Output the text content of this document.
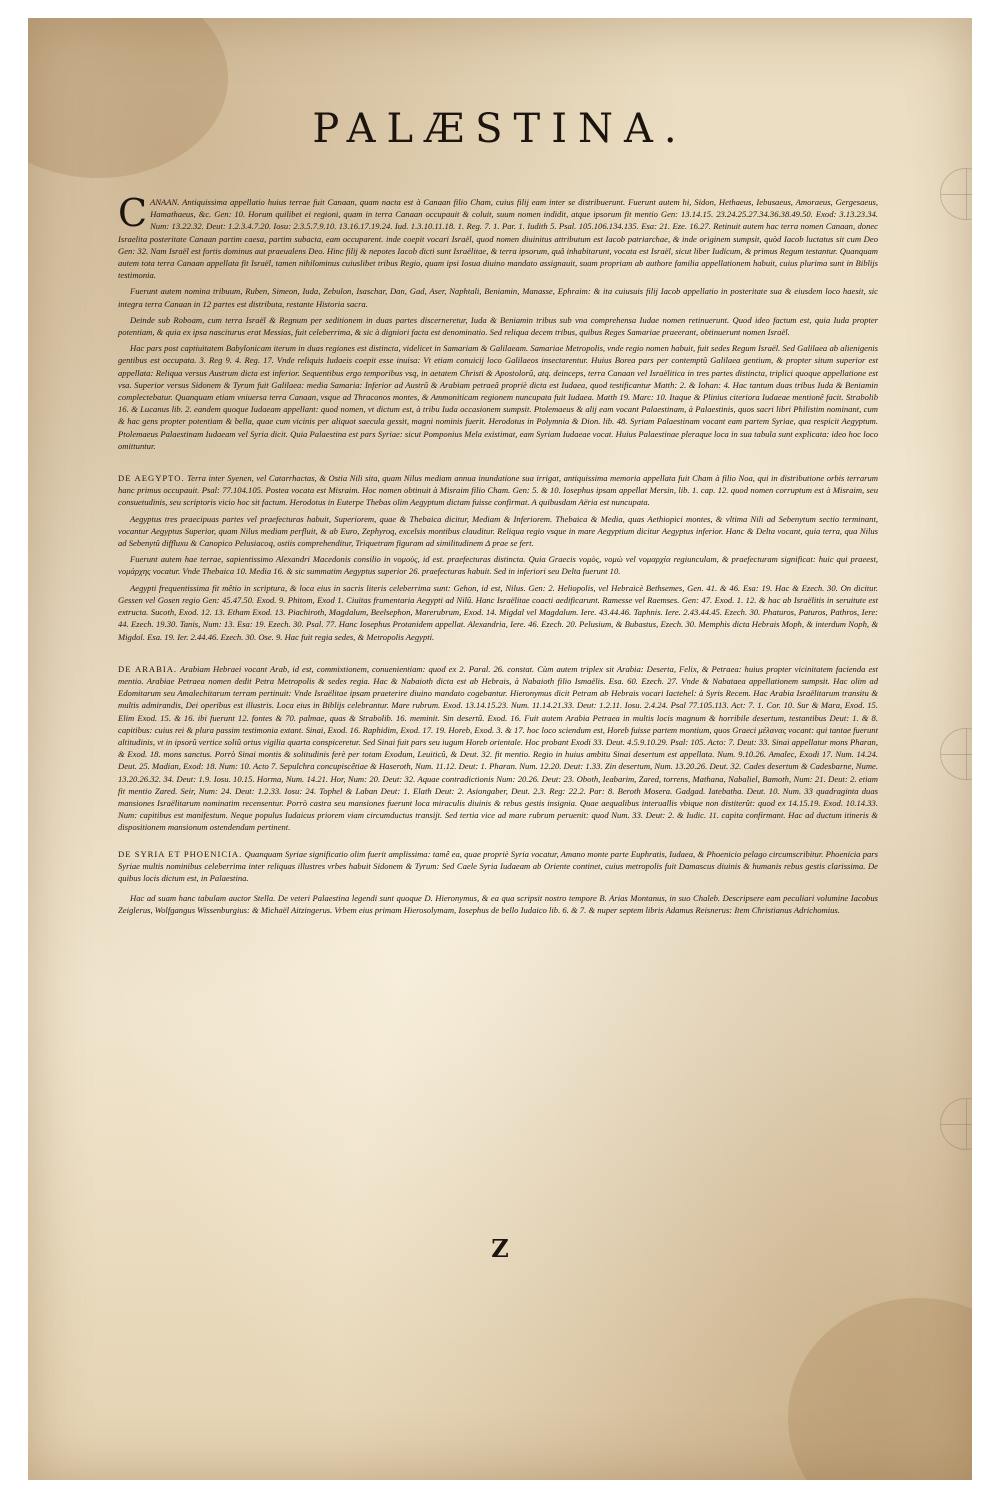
PALÆSTINA.
C ANAAN. Antiquissima appellatio huius terrae fuit Canaan, quam nacta est à Canaan filio Cham, cuius filij eam inter se distribuerunt. Fuerunt autem hi, Sidon, Hethaeus, Iebusaeus, Amoraeus, Gergesaeus, Hamathaeus, &c. Gen: 10. Horum quilibet ei regioni, quam in terra Canaan occupauit & coluit, suum nomen indidit, atque ipsorum fit mentio Gen: 13.14.15. 23.24.25.27.34.36.38.49.50. Exod: 3.13.23.34. Num: 13.22.32. Deut: 1.2.3.4.7.20. Iosu: 2.3.5.7.9.10. 13.16.17.19.24. Iud. 1.3.10.11.18. 1. Reg. 7. 1. Par. 1. Iudith 5. Psal. 105.106.134.135. Esa: 21. Eze. 16.27. Retinuit autem hac terra nomen Canaan, donec Israelita posteritate Canaan partim caesa, partim subacta, eam occuparent. inde coepit vocari Israël, quod nomen diuinitus attributum est Iacob patriarchae, & inde originem sumpsit, quòd Iacob luctatus sit cum Deo Gen: 32. Nam Israël est fortis dominus aut praeualens Deo. Hinc filij & nepotes Iacob dicti sunt Israëlitae, & terra ipsorum, quâ inhabitarunt, vocata est Israël, sicut liber Iudicum, & primus Regum testantur. Quanquam autem tota terra Canaan appellata fit Israël, tamen nihilominus cuiuslibet tribus Regio, quam ipsi Iosua diuino mandato assignauit, suam propriam ab authore familia appellationem habuit, cuius plurima sunt in Biblijs testimonia.

Fuerunt autem nomina tribuum, Ruben, Simeon, Iuda, Zebulon, Isaschar, Dan, Gad, Aser, Naphtali, Beniamin, Manasse, Ephraim: & ita cuiusuis filij Iacob appellatio in posteritate sua & eiusdem loco haesit, sic integra terra Canaan in 12 partes est distributa, restante Historia sacra.

Deinde sub Roboam, cum terra Israël & Regnum per seditionem in duas partes discerneretur, Iuda & Beniamin tribus sub vna comprehensa Iudae nomen retinuerunt. Quod ideo factum est, quia Iuda propter potentiam, & quia ex ipsa nasciturus erat Messias, fuit celeberrima, & sic à digniori facta est denominatio. Sed reliqua decem tribus, quibus Reges Samariae praeerant, obtinuerunt nomen Israël.

Hac pars post captiuitatem Babylonicam iterum in duas regiones est distincta, videlicet in Samariam & Galilaeam. Samariae Metropolis, vnde regio nomen habuit, fuit sedes Regum Israël. Sed Galilaea ab alienigenis gentibus est occupata. 3. Reg 9. 4. Reg. 17. Vnde reliquis Iudaeis coepit esse inuisa: Vt etiam conuicij loco Galilaeos insectarentur. Huius Borea pars per contemptû Galilaea gentium, & propter situm superior est appellata: Reliqua versus Austrum dicta est inferior. Sequentibus ergo temporibus vsq, in aetatem Christi & Apostolorû, atq. deinceps, terra Canaan vel Israëlitica in tres partes distincta, triplici quoque appellatione est vsa. Superior versus Sidonem & Tyrum fuit Galilaea: media Samaria: Inferior ad Austrû & Arabiam petraeâ propriè dicta est Iudaea, quod testificantur Matth: 2. & Iohan: 4. Hac tantum duas tribus Iuda & Beniamin complectebatur. Quanquam etiam vniuersa terra Canaan, vsque ad Thraconos montes, & Ammoniticam regionem nuncupata fuit Iudaea. Matth 19. Marc: 10. Itaque & Plinius citeriora Iudaeae mentionê facit. Strabolib 16. & Lucanus lib. 2. eandem quoque Iudaeam appellant: quod nomen, vt dictum est, à tribu Iuda occasionem sumpsit. Ptolemaeus & alij eam vocant Palaestinam, à Palaestinis, quos sacri libri Philistim nominant, cum & hac gens propter potentiam & bella, quae cum vicinis per aliquot saecula gessit, magni nominis fuerit. Herodotus in Polymnia & Dion. lib. 48. Syriam Palaestinam vocant eam partem Syriae, qua respicit Aegyptum. Ptolemaeus Palaestinam Iudaeam vel Syria dicit. Quia Palaestina est pars Syriae: sicut Pomponius Mela existimat, eam Syriam Iudaeae vocat. Huius Palaestinae pleraque loca in sua tabula sunt explicata: ideo hoc loco omittuntur.

DE AEGYPTO. Terra inter Syenen, vel Catarrhactas, & Ostia Nili sita, quam Nilus mediam annua inundatione sua irrigat, antiquissima memoria appellata fuit Cham à filio Noa, qui in distributione orbis terrarum hanc primus occupauit. Psal: 77.104.105. Postea vocata est Misraim. Hoc nomen obtinuit à Misraim filio Cham. Gen: 5. & 10. Iosephus ipsam appellat Mersin, lib. 1. cap. 12. quod nomen corruptum est à Misraim, seu consuetudinis, seu scriptoris vicio hoc sit factum. Herodotus in Euterpe Thebas olim Aegyptum dictam fuisse confirmat. A quibusdam Aëria est nuncupata.

Aegyptus tres praecipuas partes vel praefecturas habuit, Superiorem, quae & Thebaica dicitur, Mediam & Inferiorem. Thebaica & Media, quas Aethiopici montes, & vltima Nili ad Sebenytum sectio terminant, vocantur Aegyptus Superior, quam Nilus mediam perfluit, & ab Euro, Zephyroq, excelsis montibus clauditur. Reliqua regio vsque in mare Aegyptium dicitur Aegyptus inferior. Hanc & Delta vocant, quia terra, qua Nilus ad Sebenytû diffluxu & Canopico Pelusiacoq, ostiis comprehenditur, Triquetram figuram ad similitudinem Δ prae se fert.

Fuerunt autem hae terrae, sapientissimo Alexandri Macedonis consilio in νομοὺς, id est. praefecturas distincta. Quia Graecis νομὸς, νομὼ vel νομαρχία regiunculam, & praefecturam significat: huic qui praeest, νομάρχης vocatur. Vnde Thebaica 10. Media 16. & sic summatim Aegyptus superior 26. praefecturas habuit. Sed in inferiori seu Delta fuerunt 10.

Aegypti frequentissima fit mêtio in scriptura, & loca eius in sacris literis celeberrima sunt: Gehon, id est, Nilus. Gen: 2. Heliopolis, vel Hebraicè Bethsemes, Gen. 41. & 46. Esa: 19. Hac & Ezech. 30. On dicitur. Gessen vel Gosen regio Gen: 45.47.50. Exod. 9. Phitom, Exod 1. Ciuitas frumentaria Aegypti ad Nilû. Hanc Israëlitae coacti aedificarunt. Ramesse vel Raemses. Gen: 47. Exod. 1. 12. & hac ab Israëlitis in seruitute est extructa. Sucoth, Exod. 12. 13. Etham Exod. 13. Piachiroth, Magdalum, Beelsephon, Marerubrum, Exod. 14. Migdal vel Magdalum. Iere. 43.44.46. Taphnis. Iere. 2.43.44.45. Ezech. 30. Phaturos, Paturos, Pathros, Iere: 44. Ezech. 19.30. Tanis, Num: 13. Esa: 19. Ezech. 30. Psal. 77. Hanc Iosephus Protanidem appellat. Alexandria, Iere. 46. Ezech. 20. Pelusium, & Bubastus, Ezech. 30. Memphis dicta Hebrais Moph, & interdum Noph, & Migdol. Esa. 19. Ier. 2.44.46. Ezech. 30. Ose. 9. Hac fuit regia sedes, & Metropolis Aegypti.

DE ARABIA. Arabiam Hebraei vocant Arab, id est, commixtionem, conuenientiam: quod ex 2. Paral. 26. constat. Cùm autem triplex sit Arabia: Deserta, Felix, & Petraea: huius propter vicinitatem facienda est mentio. Arabiae Petraea nomen dedit Petra Metropolis & sedes regia. Hac & Nabaioth dicta est ab Hebrais, à Nabaioth filio Ismaëlis. Esa. 60. Ezech. 27. Vnde & Nabataea appellationem sumpsit. Hac olim ad Edomitarum seu Amalechitarum terram pertinuit: Vnde Israëlitae ipsam praeterire diuino mandato cogebantur. Hieronymus dicit Petram ab Hebrais vocari Iactehel: à Syris Recem. Hac Arabia Israëlitarum transitu & multis admirandis, Dei operibus est illustris. Loca eius in Biblijs celebrantur. Mare rubrum. Exod. 13.14.15.23. Num. 11.14.21.33. Deut: 1.2.11. Iosu. 2.4.24. Psal 77.105.113. Act: 7. 1. Cor. 10. Sur & Mara, Exod. 15. Elim Exod. 15. & 16. ibi fuerunt 12. fontes & 70. palmae, quas & Strabolib. 16. meminit. Sin desertû. Exod. 16. Fuit autem Arabia Petraea in multis locis magnum & horribile desertum, testantibus Deut: 1. & 8. capitibus: cuius rei & plura passim testimonia extant. Sinai, Exod. 16. Raphidim, Exod. 17. 19. Horeb, Exod. 3. & 17. hoc loco sciendum est, Horeb fuisse partem montium, quos Graeci μέλανας vocant: qui tantae fuerunt altitudinis, vt in ipsorû vertice soliû ortus vigilia quarta conspiceretur. Sed Sinai fuit pars seu iugum Horeb orientale. Hoc probant Exodi 33. Deut. 4.5.9.10.29. Psal: 105. Acto: 7. Deut: 33. Sinai appellatur mons Pharan, & Exod. 18. mons sanctus. Porrò Sinai montis & solitudinis ferè per totam Exodum, Leuiticû, & Deut. 32. fit mentio. Regio in huius ambitu Sinai desertum est appellata. Num. 9.10.26. Amalec, Exodi 17. Num. 14.24. Deut. 25. Madian, Exod: 18. Num: 10. Acto 7. Sepulchra concupiscêtiae & Haseroth, Num. 11.12. Deut: 1. Pharan. Num. 12.20. Deut: 1.33. Zin desertum, Num. 13.20.26. Deut. 32. Cades desertum & Cadesbarne, Nume. 13.20.26.32. 34. Deut: 1.9. Iosu. 10.15. Horma, Num. 14.21. Hor, Num: 20. Deut: 32. Aquae contradictionis Num: 20.26. Deut: 23. Oboth, Ieabarim, Zared, torrens, Mathana, Nabaliel, Bamoth, Num: 21. Deut: 2. etiam fit mentio Zared. Seir, Num: 24. Deut: 1.2.33. Iosu: 24. Tophel & Laban Deut: 1. Elath Deut: 2. Asiongaber, Deut. 2.3. Reg: 22.2. Par: 8. Beroth Mosera. Gadgad. Iatebatha. Deut. 10. Num. 33 quadraginta duas mansiones Israëlitarum nominatim recensentur. Porrò castra seu mansiones fuerunt loca miraculis diuinis & rebus gestis insignia. Quae aequalibus interuallis vbique non distiterût: quod ex 14.15.19. Exod. 10.14.33. Num: capitibus est manifestum. Neque populus Iudaicus priorem viam circumductus transijt. Sed tertia vice ad mare rubrum peruenit: quod Num. 33. Deut: 2. & Iudic. 11. capita confirmant. Hac ad ductum itineris & dispositionem mansionum ostendendam pertinent.

DE SYRIA ET PHOENICIA. Quanquam Syriae significatio olim fuerit amplissima: tamê ea, quae propriè Syria vocatur, Amano monte parte Euphratis, Iudaea, & Phoenicio pelago circumscribitur. Phoenicia pars Syriae multis nominibus celeberrima inter reliquas illustres vrbes habuit Sidonem & Tyrum: Sed Caele Syria Iudaeam ab Oriente continet, cuius metropolis fuit Damascus diuinis & humanis rebus gestis clarissima. De quibus locis dictum est, in Palaestina.

Hac ad suam hanc tabulam auctor Stella. De veteri Palaestina legendi sunt quoque D. Hieronymus, & ea qua scripsit nostro tempore B. Arias Montanus, in suo Chaleb. Descripsere eam peculiari volumine Iacobus Zeiglerus, Wolfgangus Wissenburgius: & Michaël Aitzingerus. Vrbem eius primam Hierosolymam, Iosephus de bello Iudaico lib. 6. & 7. & nuper septem libris Adamus Reisnerus: Item Christianus Adrichomius.

Z
